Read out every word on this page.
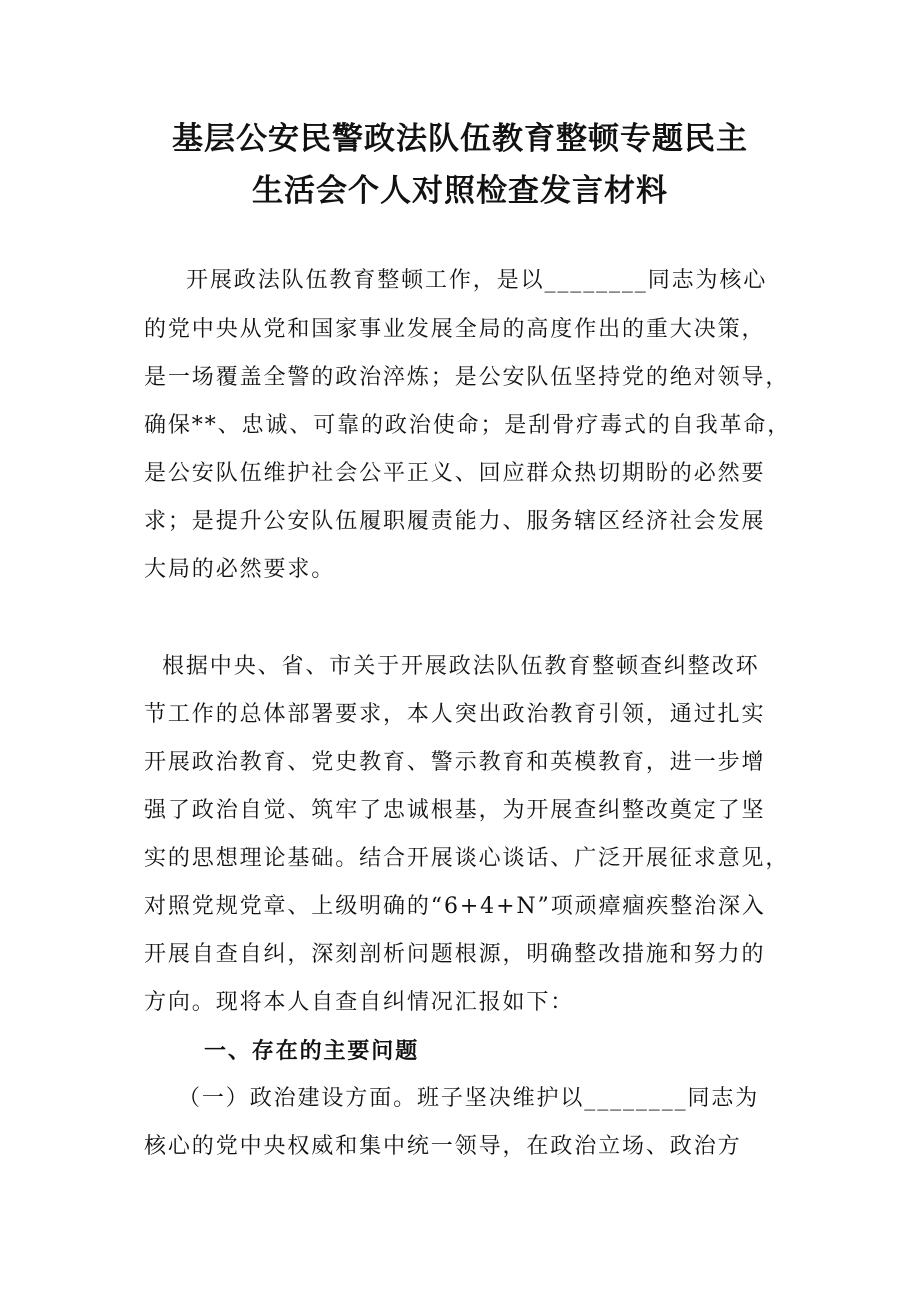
基层公安民警政法队伍教育整顿专题民主
生活会个人对照检查发言材料
开展政法队伍教育整顿工作，是以________同志为核心
的党中央从党和国家事业发展全局的高度作出的重大决策，
是一场覆盖全警的政治淬炼；是公安队伍坚持党的绝对领导，
确保**、忠诚、可靠的政治使命；是刮骨疗毒式的自我革命，
是公安队伍维护社会公平正义、回应群众热切期盼的必然要
求；是提升公安队伍履职履责能力、服务辖区经济社会发展
大局的必然要求。
根据中央、省、市关于开展政法队伍教育整顿查纠整改环
节工作的总体部署要求，本人突出政治教育引领，通过扎实
开展政治教育、党史教育、警示教育和英模教育，进一步增
强了政治自觉、筑牢了忠诚根基，为开展查纠整改奠定了坚
实的思想理论基础。结合开展谈心谈话、广泛开展征求意见，
对照党规党章、上级明确的“6+4+N”项顽瘴痼疾整治深入
开展自查自纠，深刻剖析问题根源，明确整改措施和努力的
方向。现将本人自查自纠情况汇报如下：
一、存在的主要问题
（一）政治建设方面。班子坚决维护以________同志为
核心的党中央权威和集中统一领导，在政治立场、政治方
